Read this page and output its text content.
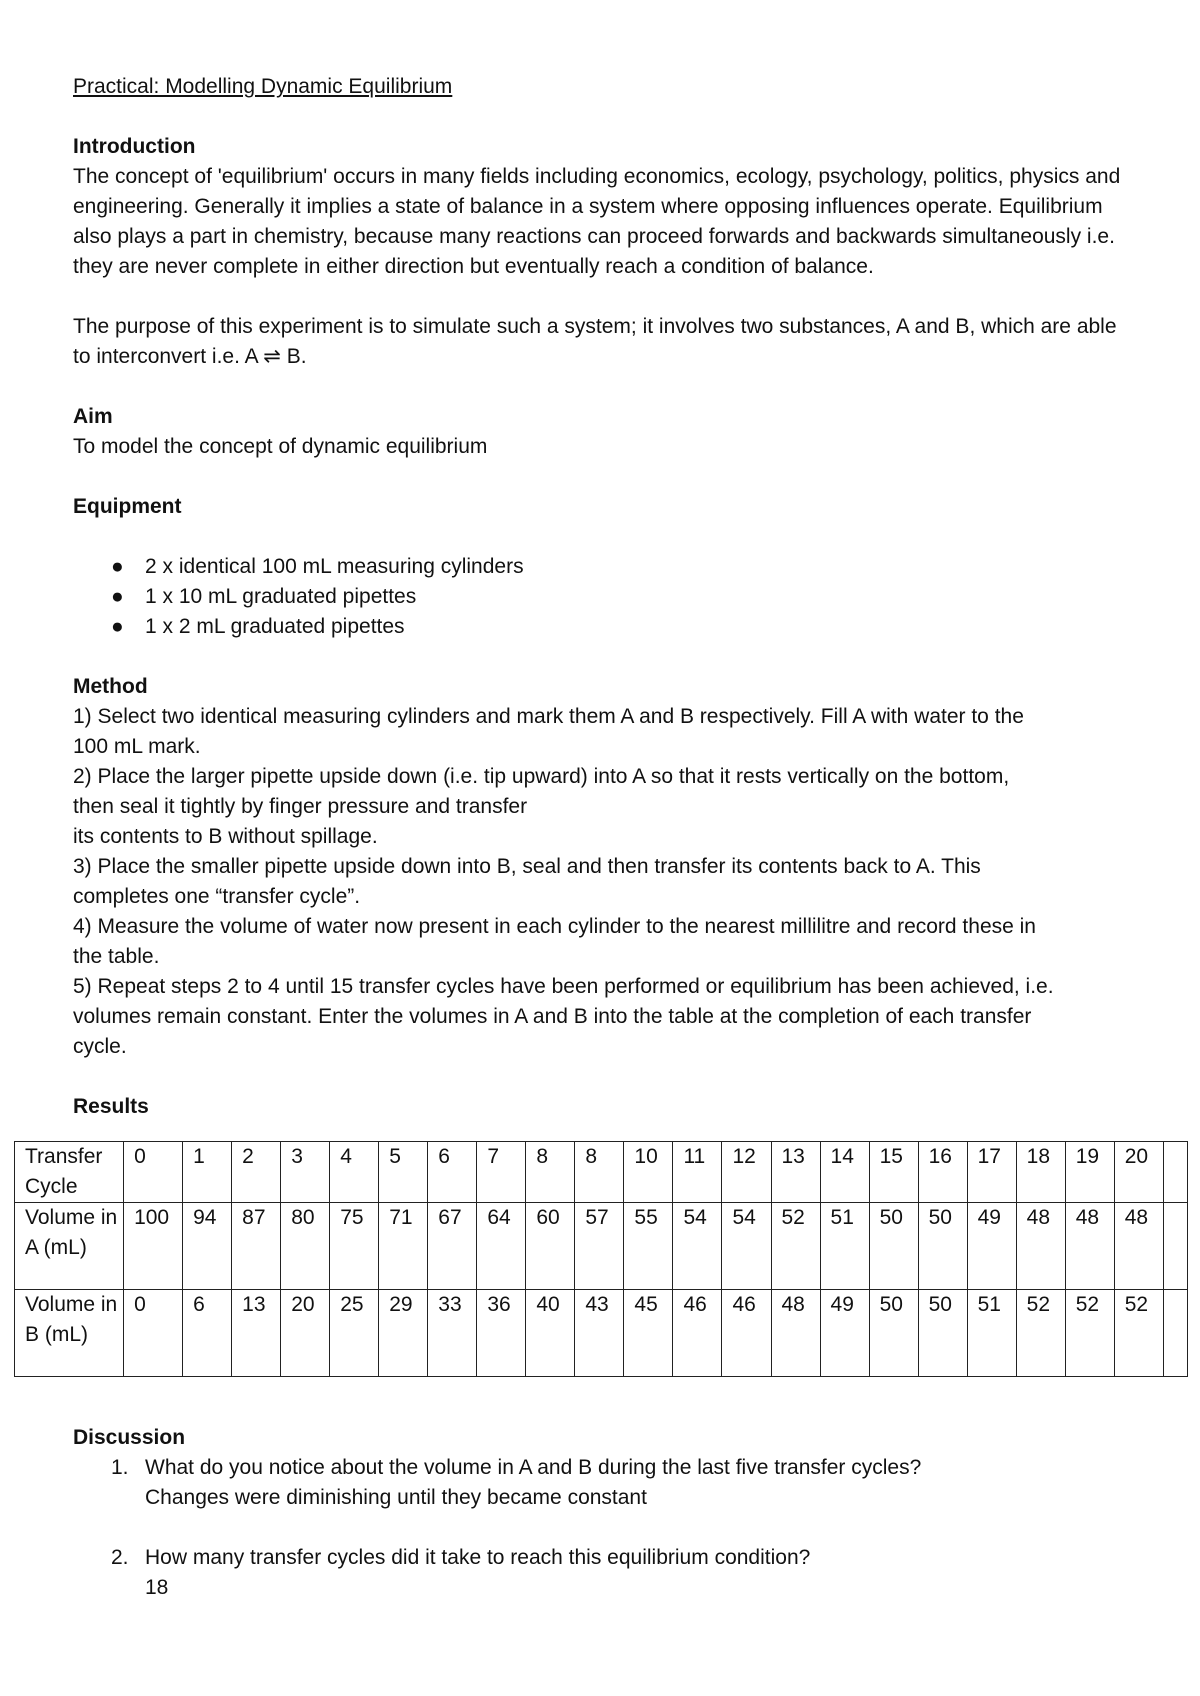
Practical: Modelling Dynamic Equilibrium
Introduction
The concept of 'equilibrium' occurs in many fields including economics, ecology, psychology, politics, physics and engineering. Generally it implies a state of balance in a system where opposing influences operate. Equilibrium also plays a part in chemistry, because many reactions can proceed forwards and backwards simultaneously i.e. they are never complete in either direction but eventually reach a condition of balance.
The purpose of this experiment is to simulate such a system; it involves two substances, A and B, which are able to interconvert i.e. A ⇌ B.
Aim
To model the concept of dynamic equilibrium
Equipment
● 2 x identical 100 mL measuring cylinders
● 1 x 10 mL graduated pipettes
● 1 x 2 mL graduated pipettes
Method
1) Select two identical measuring cylinders and mark them A and B respectively. Fill A with water to the
100 mL mark.
2) Place the larger pipette upside down (i.e. tip upward) into A so that it rests vertically on the bottom,
then seal it tightly by finger pressure and transfer
its contents to B without spillage.
3) Place the smaller pipette upside down into B, seal and then transfer its contents back to A. This
completes one “transfer cycle”.
4) Measure the volume of water now present in each cylinder to the nearest millilitre and record these in
the table.
5) Repeat steps 2 to 4 until 15 transfer cycles have been performed or equilibrium has been achieved, i.e.
volumes remain constant. Enter the volumes in A and B into the table at the completion of each transfer
cycle.
Results
Transfer Cycle	0	1	2	3	4	5	6	7	8	8	10	11	12	13	14	15	16	17	18	19	20	
Volume in A (mL)	100	94	87	80	75	71	67	64	60	57	55	54	54	52	51	50	50	49	48	48	48	
Volume in B (mL)	0	6	13	20	25	29	33	36	40	43	45	46	46	48	49	50	50	51	52	52	52	
Discussion
1. What do you notice about the volume in A and B during the last five transfer cycles?
Changes were diminishing until they became constant
2. How many transfer cycles did it take to reach this equilibrium condition?
18
